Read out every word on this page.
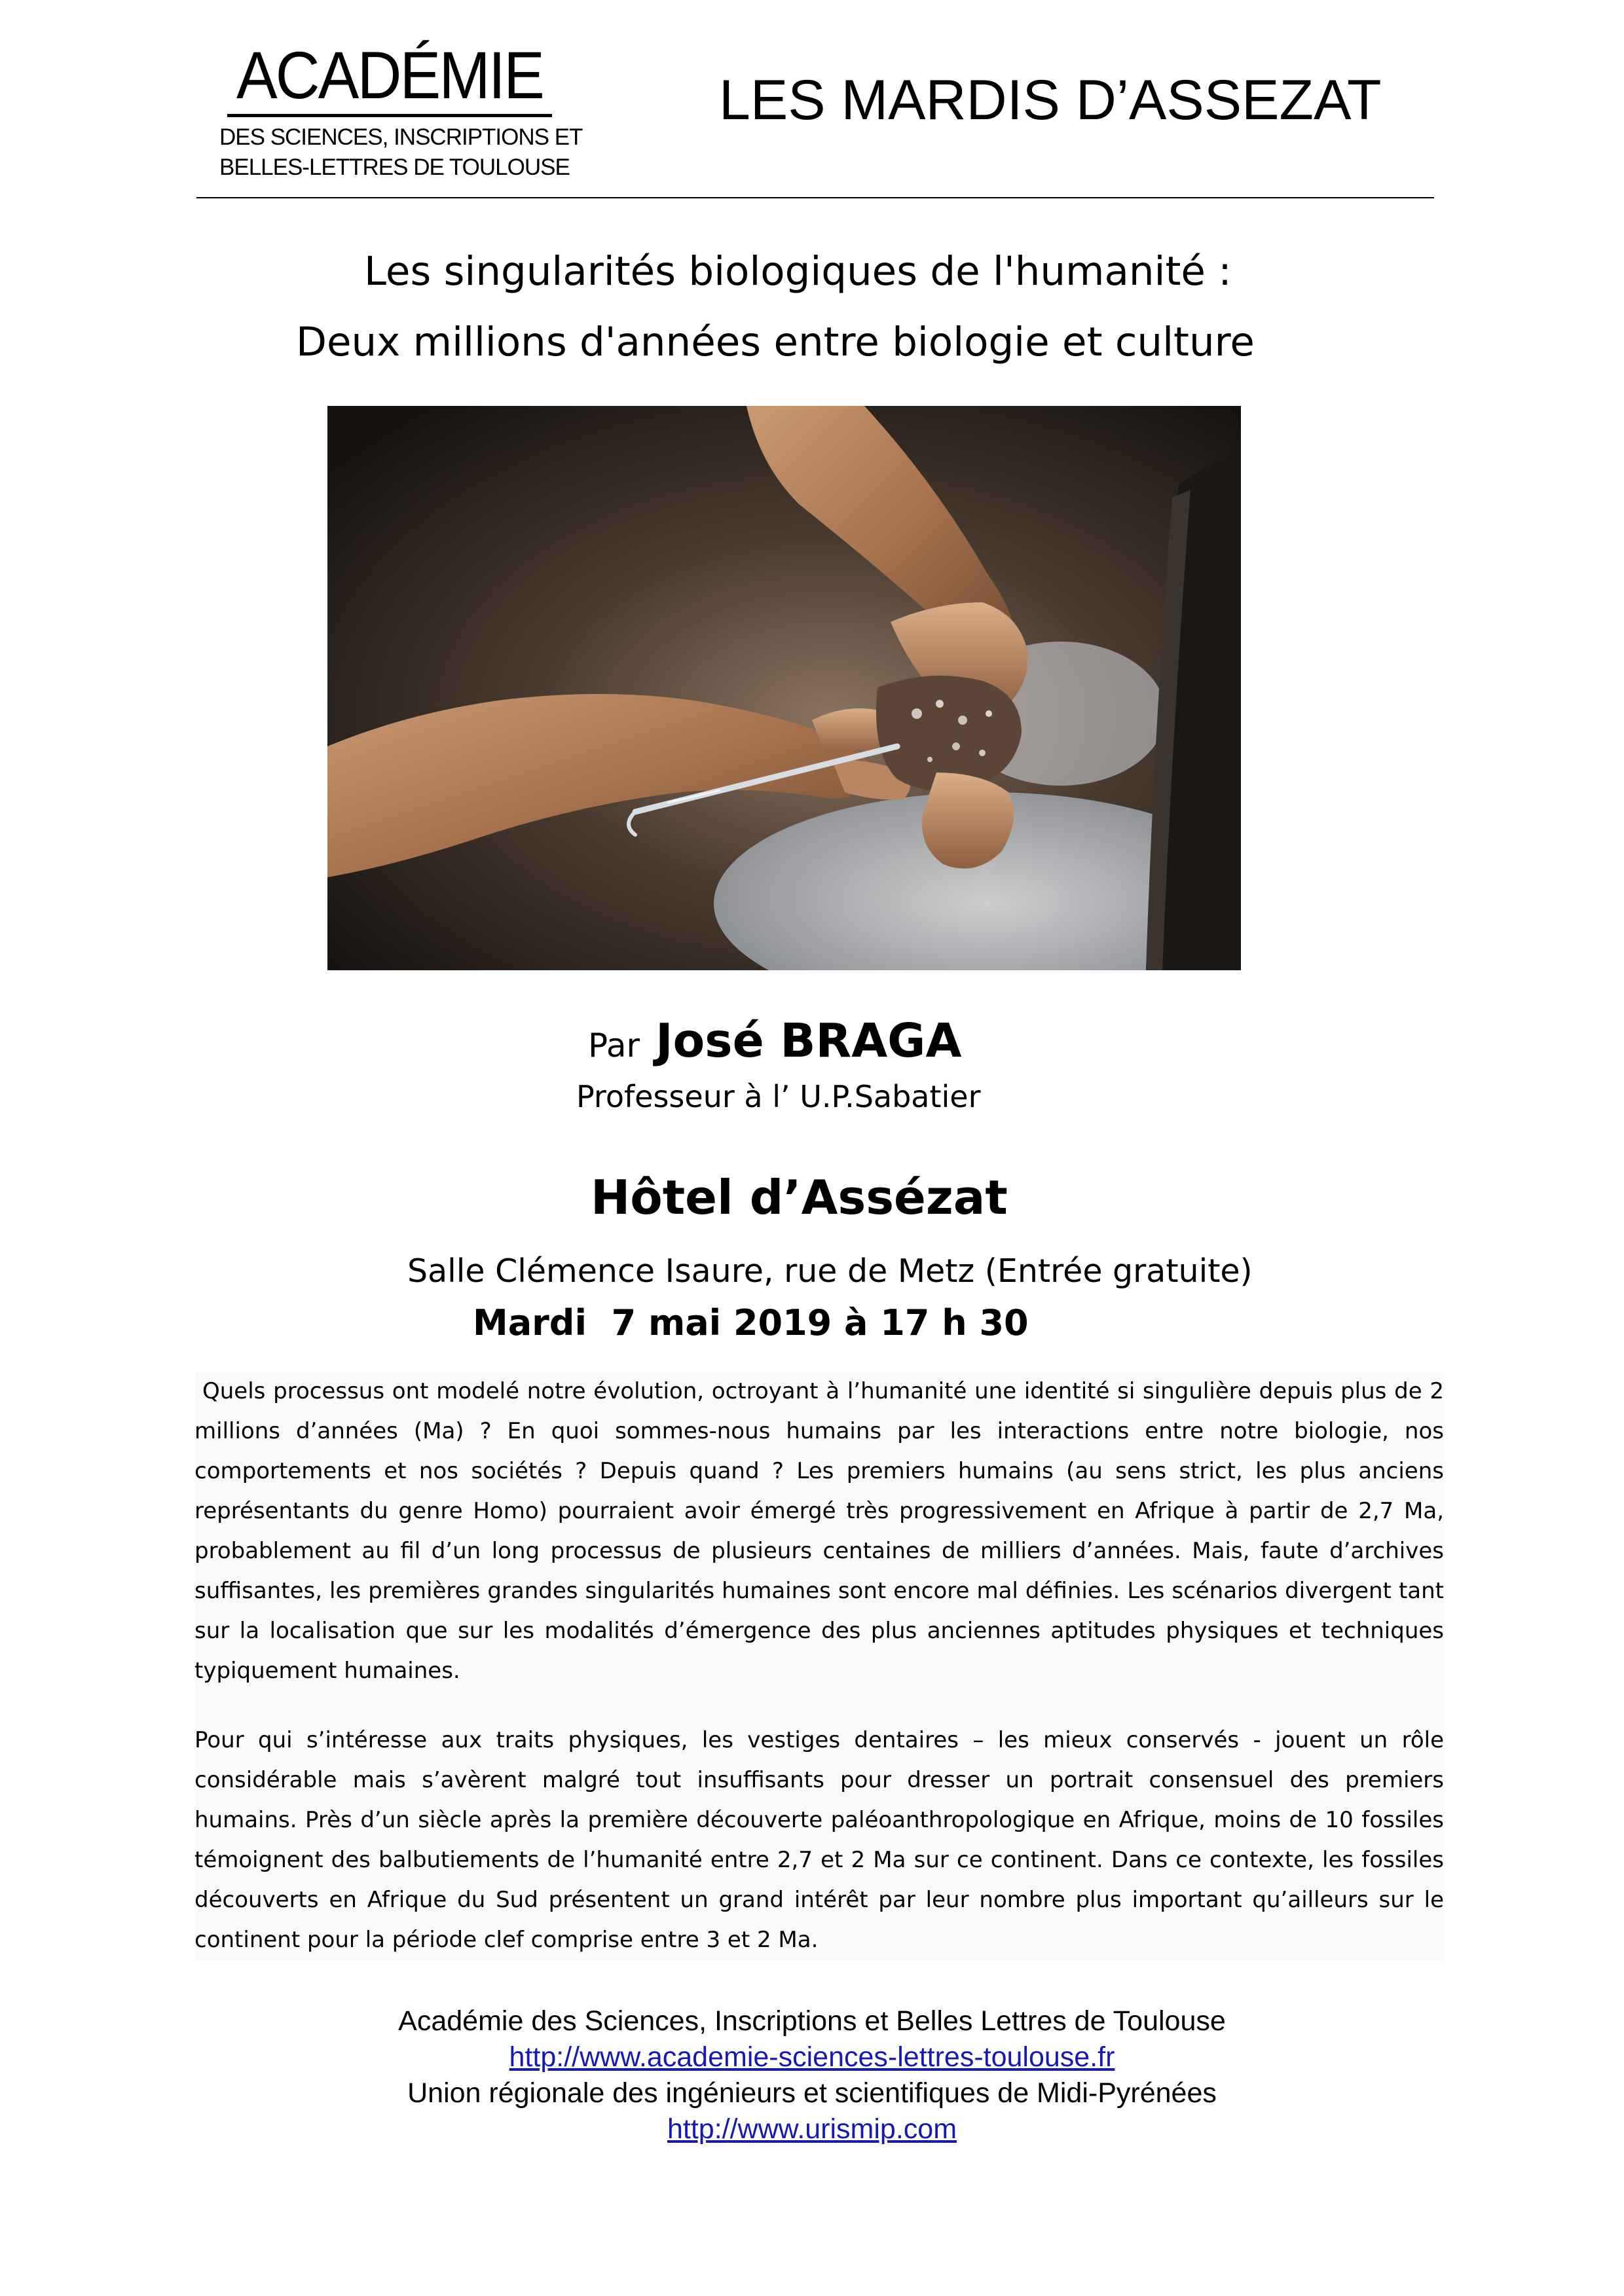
ACADÉMIE
DES SCIENCES, INSCRIPTIONS ET
BELLES-LETTRES DE TOULOUSE
LES MARDIS D’ASSEZAT
Les singularités biologiques de l'humanité :
Deux millions d'années entre biologie et culture
Par José BRAGA
Professeur à l’ U.P.Sabatier
Hôtel d’Assézat
Salle Clémence Isaure, rue de Metz (Entrée gratuite)
Mardi  7 mai 2019 à 17 h 30

Quels processus ont modelé notre évolution, octroyant à l’humanité une identité si singulière depuis plus de 2 millions d’années (Ma) ? En quoi sommes-nous humains par les interactions entre notre biologie, nos comportements et nos sociétés ? Depuis quand ? Les premiers humains (au sens strict, les plus anciens représentants du genre Homo) pourraient avoir émergé très progressivement en Afrique à partir de 2,7 Ma, probablement au fil d’un long processus de plusieurs centaines de milliers d’années. Mais, faute d’archives suffisantes, les premières grandes singularités humaines sont encore mal définies. Les scénarios divergent tant sur la localisation que sur les modalités d’émergence des plus anciennes aptitudes physiques et techniques typiquement humaines.

Pour qui s’intéresse aux traits physiques, les vestiges dentaires – les mieux conservés - jouent un rôle considérable mais s’avèrent malgré tout insuffisants pour dresser un portrait consensuel des premiers humains. Près d’un siècle après la première découverte paléoanthropologique en Afrique, moins de 10 fossiles témoignent des balbutiements de l’humanité entre 2,7 et 2 Ma sur ce continent. Dans ce contexte, les fossiles découverts en Afrique du Sud présentent un grand intérêt par leur nombre plus important qu’ailleurs sur le continent pour la période clef comprise entre 3 et 2 Ma.

Académie des Sciences, Inscriptions et Belles Lettres de Toulouse
http://www.academie-sciences-lettres-toulouse.fr
Union régionale des ingénieurs et scientifiques de Midi-Pyrénées
http://www.urismip.com
